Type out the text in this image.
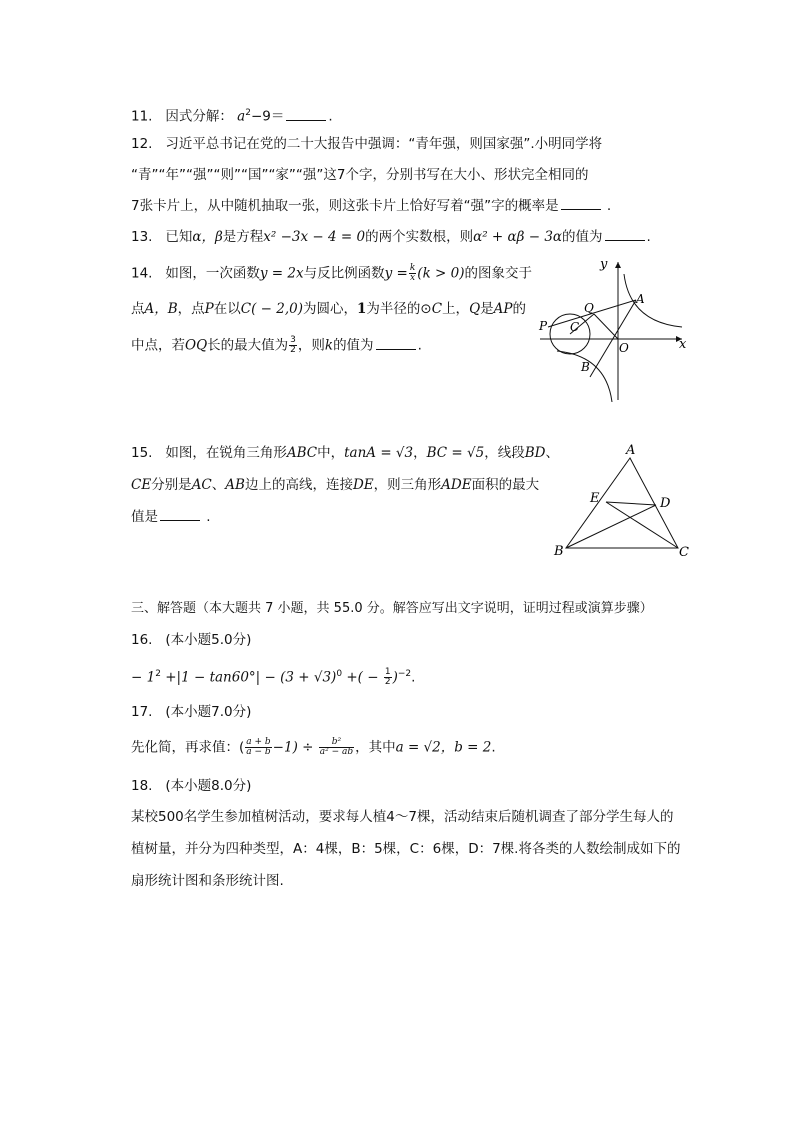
11. 因式分解： $a^2-9=$	.
12. 习近平总书记在党的二十大报告中强调：“青年强，则国家强”.小明同学将
“青”“年”“强”“则”“国”“家”“强”这7个字，分别书写在大小、形状完全相同的
7张卡片上，从中随机抽取一张，则这张卡片上恰好写着“强”字的概率是	.
13. 已知α，β是方程x² −3x − 4 = 0的两个实数根，则α² + αβ − 3α的值为	.
14. 如图，一次函数y = 2x与反比例函数$y = \frac{k}{x} (k > 0)$的图象交于
点A，B，点P在以C( − 2,0)为圆心，1为半径的⊙C上，Q是AP的
中点，若OQ长的最大值为 $\frac{3}{2}$ ，则k的值为	.
y
x
Q
A
P C
O
B
15. 如图，在锐角三角形ABC中，tanA = √3，BC = √5，线段BD、
CE分别是AC、AB边上的高线，连接DE，则三角形ADE面积的最大
值是	.
A
E	D
B	C
三、解答题（本大题共 7 小题，共 55.0 分。解答应写出文字说明，证明过程或演算步骤）
16. (本小题5.0分)
− $1^2 +|1 - \tan 60^\circ| - (3 + √3)^0$ +( − $\frac{1}{2} )^{-2}$.
17. (本小题7.0分)
先化简，再求值：( $\frac{a + b}{a - b} -1) \div \frac{\text{b²}}{\text{a² − ab}}$ ，其中a = √2，b = 2.
18. (本小题8.0分)
某校500名学生参加植树活动，要求每人植4～7棵，活动结束后随机调查了部分学生每人的
植树量，并分为四种类型，A：4棵，B：5棵，C：6棵，D：7棵.将各类的人数绘制成如下的
扇形统计图和条形统计图.
